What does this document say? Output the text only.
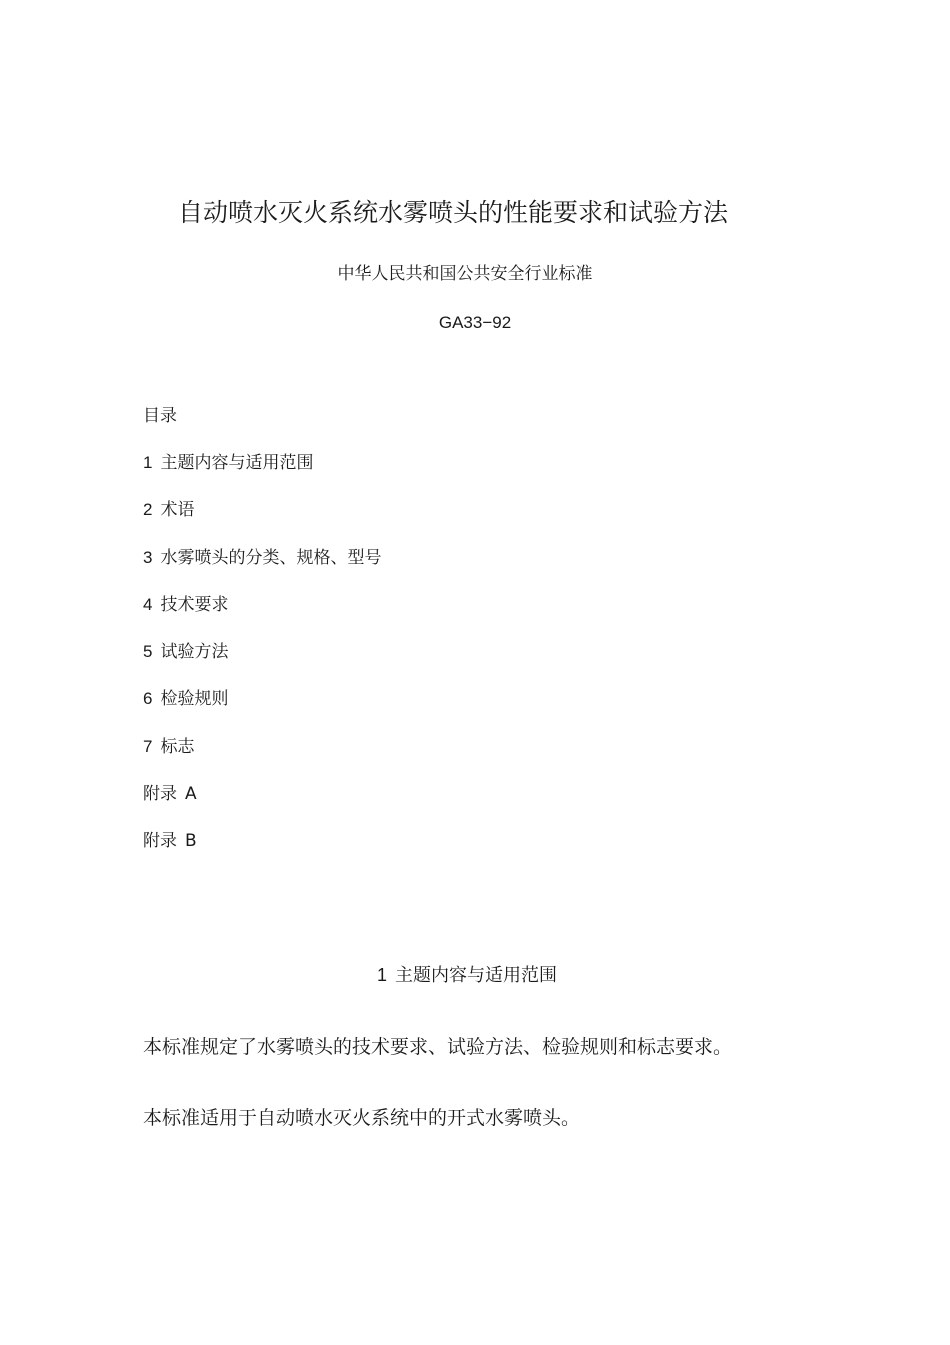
自动喷水灭火系统水雾喷头的性能要求和试验方法
中华人民共和国公共安全行业标准
GA33−92
目录
1 主题内容与适用范围
2 术语
3 水雾喷头的分类、规格、型号
4 技术要求
5 试验方法
6 检验规则
7 标志
附录 A
附录 B
1 主题内容与适用范围
本标准规定了水雾喷头的技术要求、试验方法、检验规则和标志要求。
本标准适用于自动喷水灭火系统中的开式水雾喷头。
